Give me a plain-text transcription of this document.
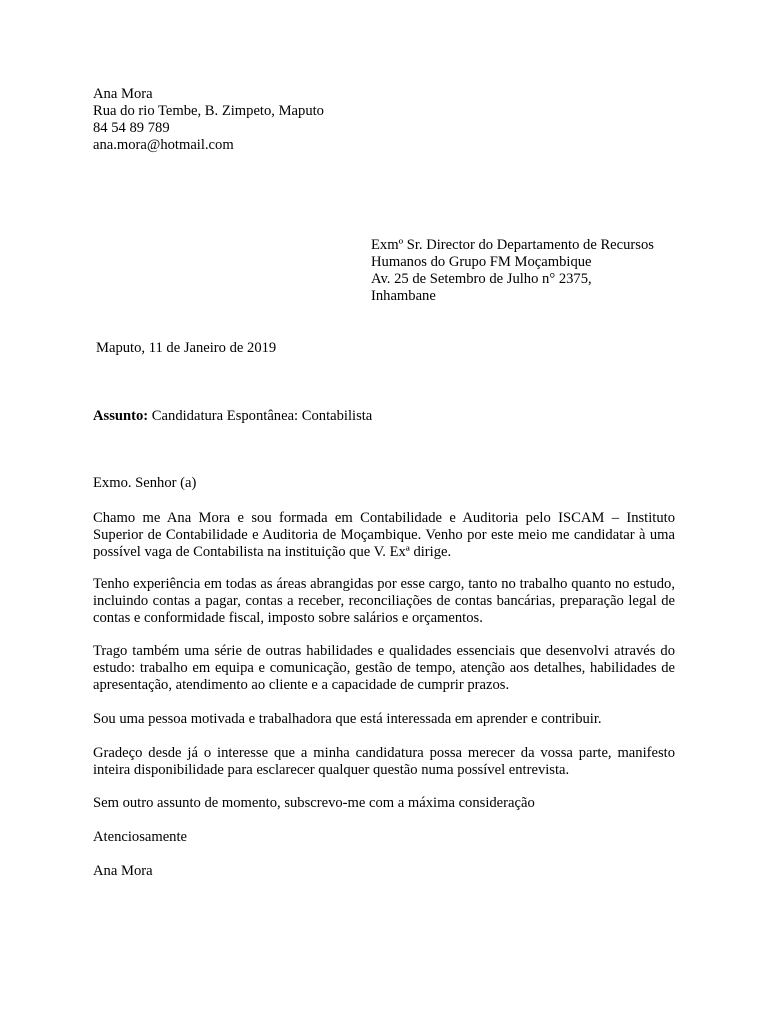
Ana Mora
Rua do rio Tembe, B. Zimpeto, Maputo
84 54 89 789
ana.mora@hotmail.com
Exmº Sr. Director do Departamento de Recursos
Humanos do Grupo FM Moçambique
Av. 25 de Setembro de Julho n° 2375,
Inhambane
Maputo, 11 de Janeiro de 2019
Assunto: Candidatura Espontânea: Contabilista
Exmo. Senhor (a)
Chamo me Ana Mora e sou formada em Contabilidade e Auditoria pelo ISCAM – Instituto Superior de Contabilidade e Auditoria de Moçambique. Venho por este meio me candidatar à uma possível vaga de Contabilista na instituição que V. Exª dirige.
Tenho experiência em todas as áreas abrangidas por esse cargo, tanto no trabalho quanto no estudo, incluindo contas a pagar, contas a receber, reconciliações de contas bancárias, preparação legal de contas e conformidade fiscal, imposto sobre salários e orçamentos.
Trago também uma série de outras habilidades e qualidades essenciais que desenvolvi através do estudo: trabalho em equipa e comunicação, gestão de tempo, atenção aos detalhes, habilidades de apresentação, atendimento ao cliente e a capacidade de cumprir prazos.
Sou uma pessoa motivada e trabalhadora que está interessada em aprender e contribuir.
Gradeço desde já o interesse que a minha candidatura possa merecer da vossa parte, manifesto inteira disponibilidade para esclarecer qualquer questão numa possível entrevista.
Sem outro assunto de momento, subscrevo-me com a máxima consideração
Atenciosamente
Ana Mora
